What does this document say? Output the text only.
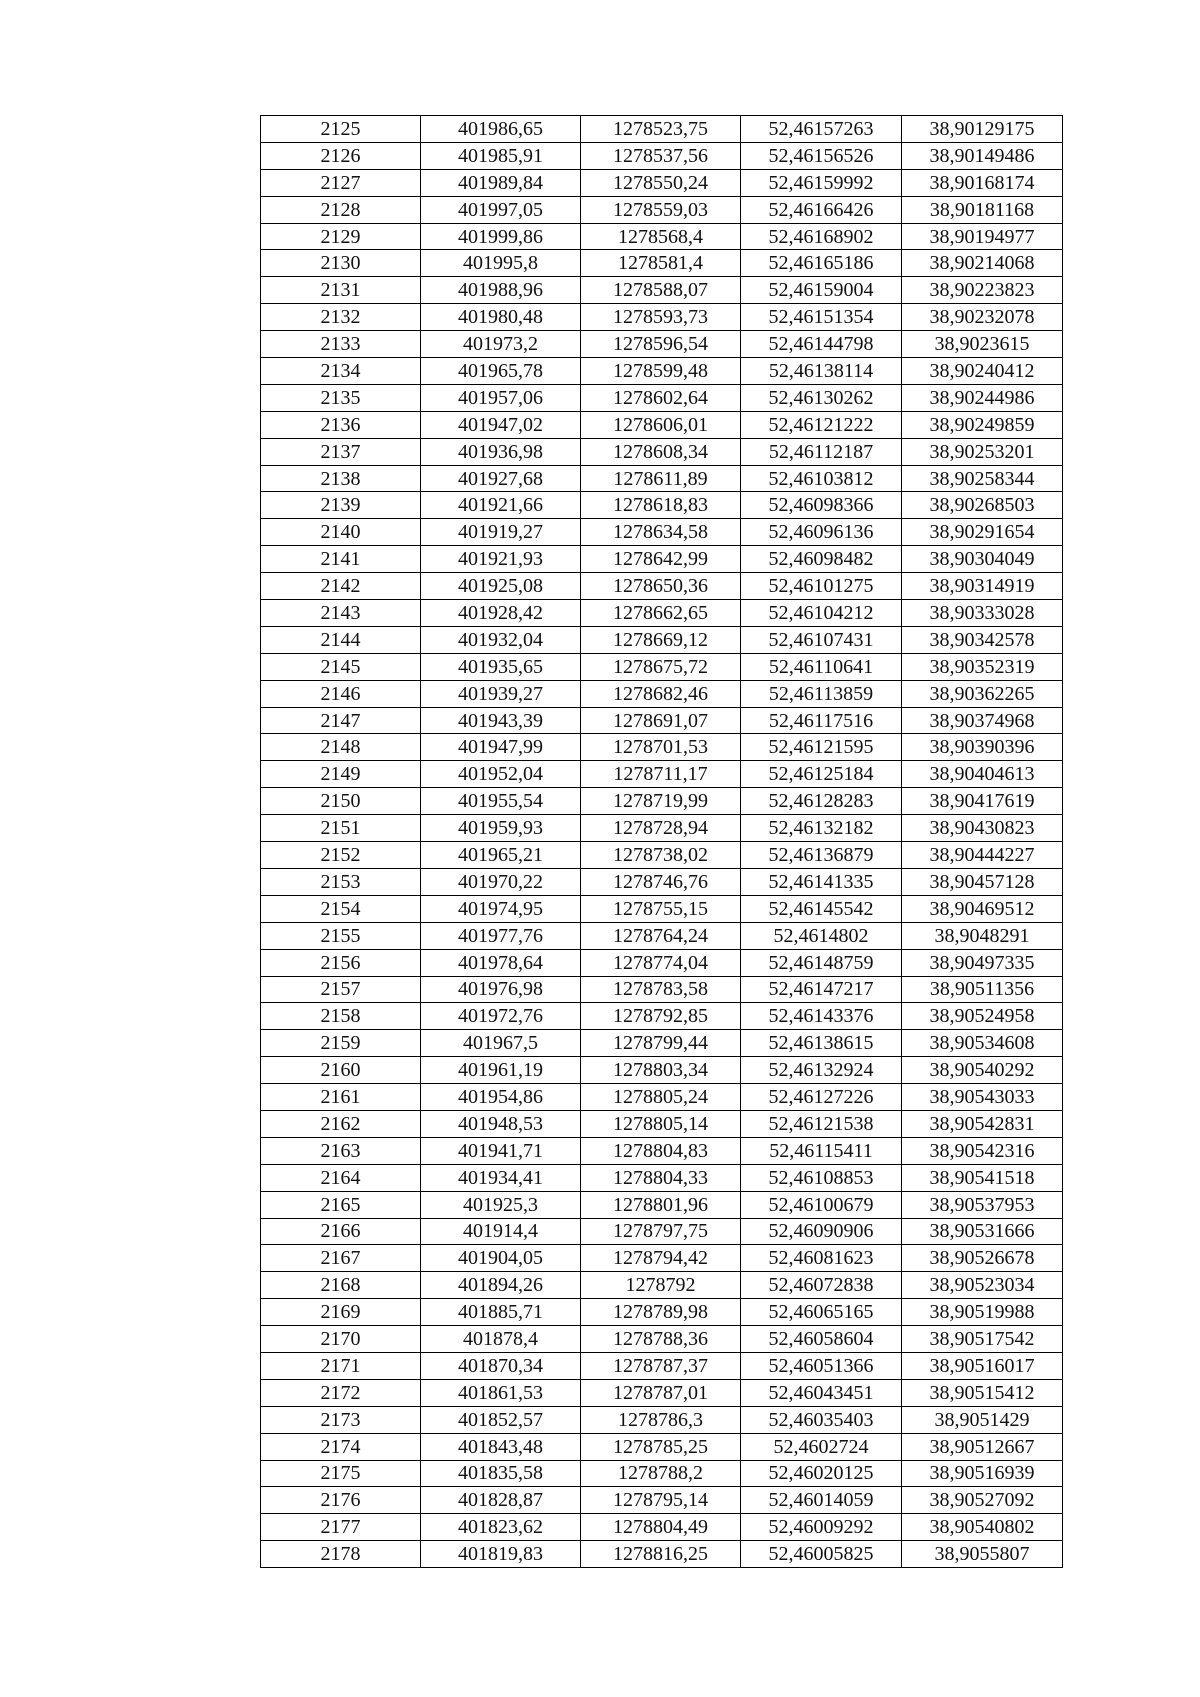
2125	401986,65	1278523,75	52,46157263	38,90129175
2126	401985,91	1278537,56	52,46156526	38,90149486
2127	401989,84	1278550,24	52,46159992	38,90168174
2128	401997,05	1278559,03	52,46166426	38,90181168
2129	401999,86	1278568,4	52,46168902	38,90194977
2130	401995,8	1278581,4	52,46165186	38,90214068
2131	401988,96	1278588,07	52,46159004	38,90223823
2132	401980,48	1278593,73	52,46151354	38,90232078
2133	401973,2	1278596,54	52,46144798	38,9023615
2134	401965,78	1278599,48	52,46138114	38,90240412
2135	401957,06	1278602,64	52,46130262	38,90244986
2136	401947,02	1278606,01	52,46121222	38,90249859
2137	401936,98	1278608,34	52,46112187	38,90253201
2138	401927,68	1278611,89	52,46103812	38,90258344
2139	401921,66	1278618,83	52,46098366	38,90268503
2140	401919,27	1278634,58	52,46096136	38,90291654
2141	401921,93	1278642,99	52,46098482	38,90304049
2142	401925,08	1278650,36	52,46101275	38,90314919
2143	401928,42	1278662,65	52,46104212	38,90333028
2144	401932,04	1278669,12	52,46107431	38,90342578
2145	401935,65	1278675,72	52,46110641	38,90352319
2146	401939,27	1278682,46	52,46113859	38,90362265
2147	401943,39	1278691,07	52,46117516	38,90374968
2148	401947,99	1278701,53	52,46121595	38,90390396
2149	401952,04	1278711,17	52,46125184	38,90404613
2150	401955,54	1278719,99	52,46128283	38,90417619
2151	401959,93	1278728,94	52,46132182	38,90430823
2152	401965,21	1278738,02	52,46136879	38,90444227
2153	401970,22	1278746,76	52,46141335	38,90457128
2154	401974,95	1278755,15	52,46145542	38,90469512
2155	401977,76	1278764,24	52,4614802	38,9048291
2156	401978,64	1278774,04	52,46148759	38,90497335
2157	401976,98	1278783,58	52,46147217	38,90511356
2158	401972,76	1278792,85	52,46143376	38,90524958
2159	401967,5	1278799,44	52,46138615	38,90534608
2160	401961,19	1278803,34	52,46132924	38,90540292
2161	401954,86	1278805,24	52,46127226	38,90543033
2162	401948,53	1278805,14	52,46121538	38,90542831
2163	401941,71	1278804,83	52,46115411	38,90542316
2164	401934,41	1278804,33	52,46108853	38,90541518
2165	401925,3	1278801,96	52,46100679	38,90537953
2166	401914,4	1278797,75	52,46090906	38,90531666
2167	401904,05	1278794,42	52,46081623	38,90526678
2168	401894,26	1278792	52,46072838	38,90523034
2169	401885,71	1278789,98	52,46065165	38,90519988
2170	401878,4	1278788,36	52,46058604	38,90517542
2171	401870,34	1278787,37	52,46051366	38,90516017
2172	401861,53	1278787,01	52,46043451	38,90515412
2173	401852,57	1278786,3	52,46035403	38,9051429
2174	401843,48	1278785,25	52,4602724	38,90512667
2175	401835,58	1278788,2	52,46020125	38,90516939
2176	401828,87	1278795,14	52,46014059	38,90527092
2177	401823,62	1278804,49	52,46009292	38,90540802
2178	401819,83	1278816,25	52,46005825	38,9055807
